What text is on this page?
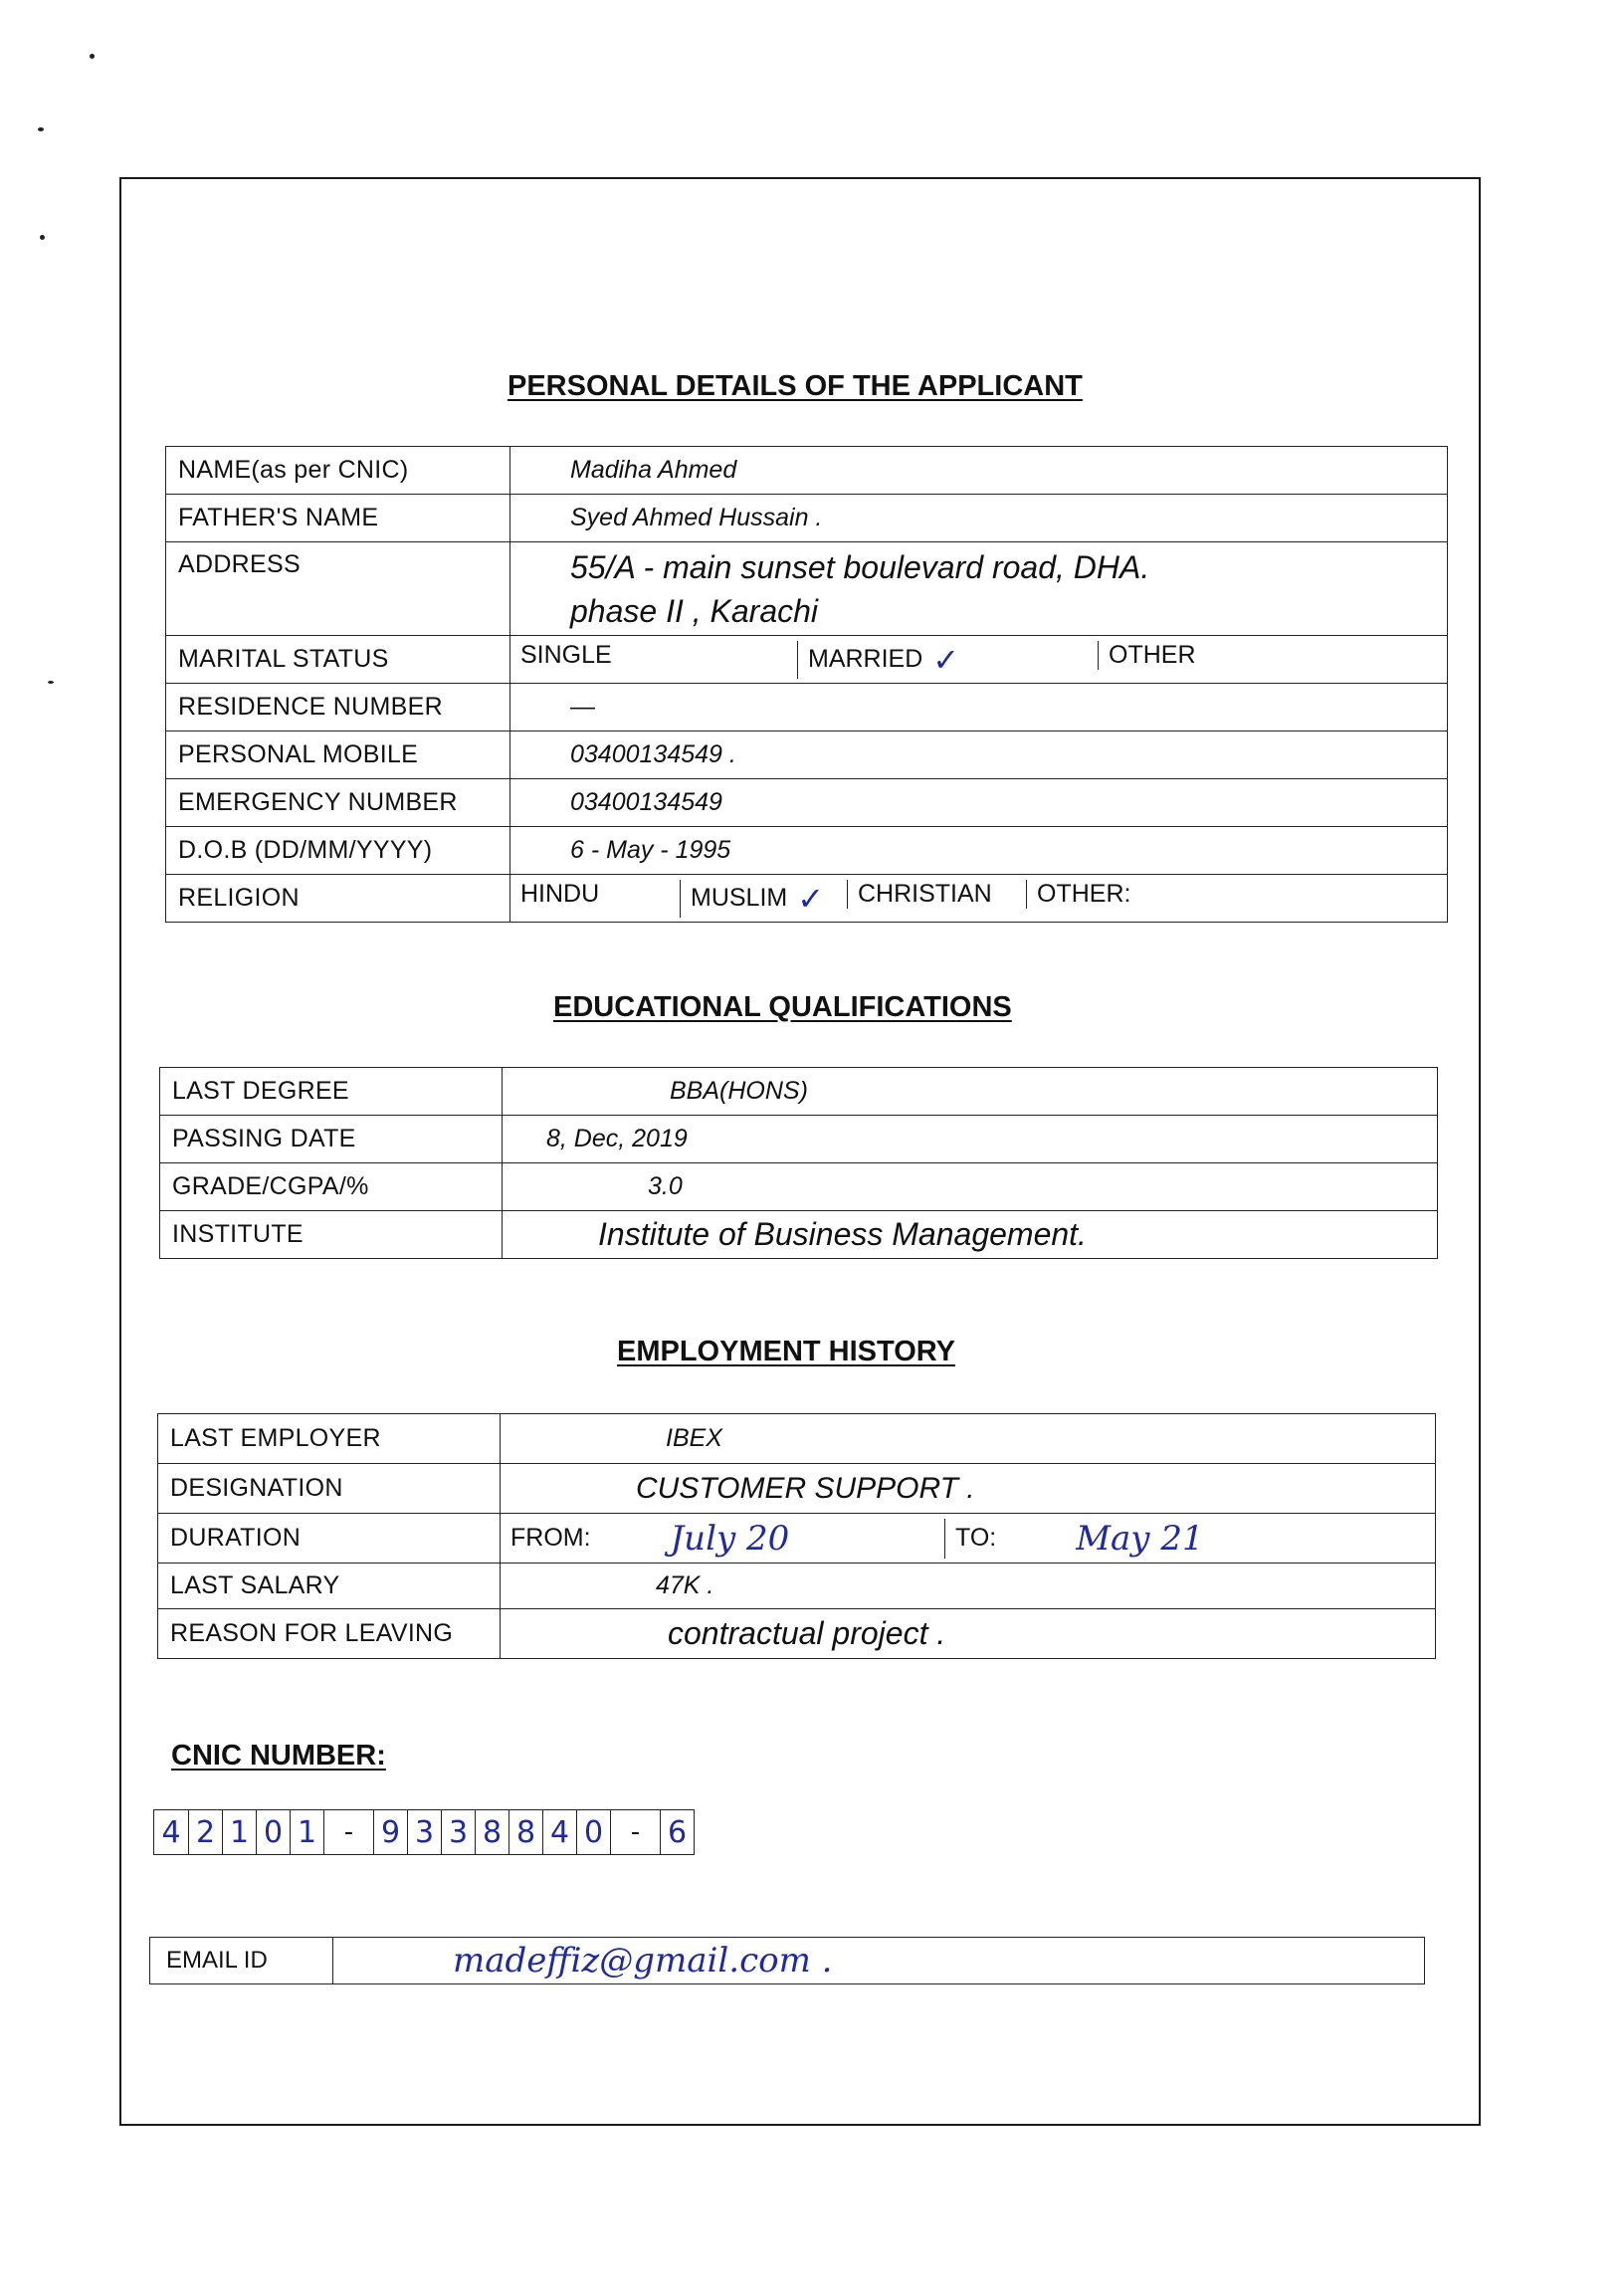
PERSONAL DETAILS OF THE APPLICANT
NAME(as per CNIC)	Madiha Ahmed
FATHER'S NAME	Syed Ahmed Hussain .
ADDRESS	55/A - main sunset boulevard road, DHA.
phase II , Karachi

MARITAL STATUS	SINGLE MARRIED ✓ OTHER

RESIDENCE NUMBER	—
PERSONAL MOBILE	03400134549 .
EMERGENCY NUMBER	03400134549
D.O.B (DD/MM/YYYY)	6 - May - 1995
RELIGION	HINDU MUSLIM ✓ CHRISTIAN OTHER:
EDUCATIONAL QUALIFICATIONS
LAST DEGREE	BBA(HONS)
PASSING DATE	8, Dec, 2019
GRADE/CGPA/%	3.0
INSTITUTE	Institute of Business Management.
EMPLOYMENT HISTORY
LAST EMPLOYER	IBEX
DESIGNATION	CUSTOMER SUPPORT .
DURATION	FROM: July 20 TO: May 21

LAST SALARY	47K .
REASON FOR LEAVING	contractual project .
CNIC NUMBER:
4 2 1 0 1	- 9 3 3 8 8 4 0	- 6
EMAIL ID	madeffiz@gmail.com .
